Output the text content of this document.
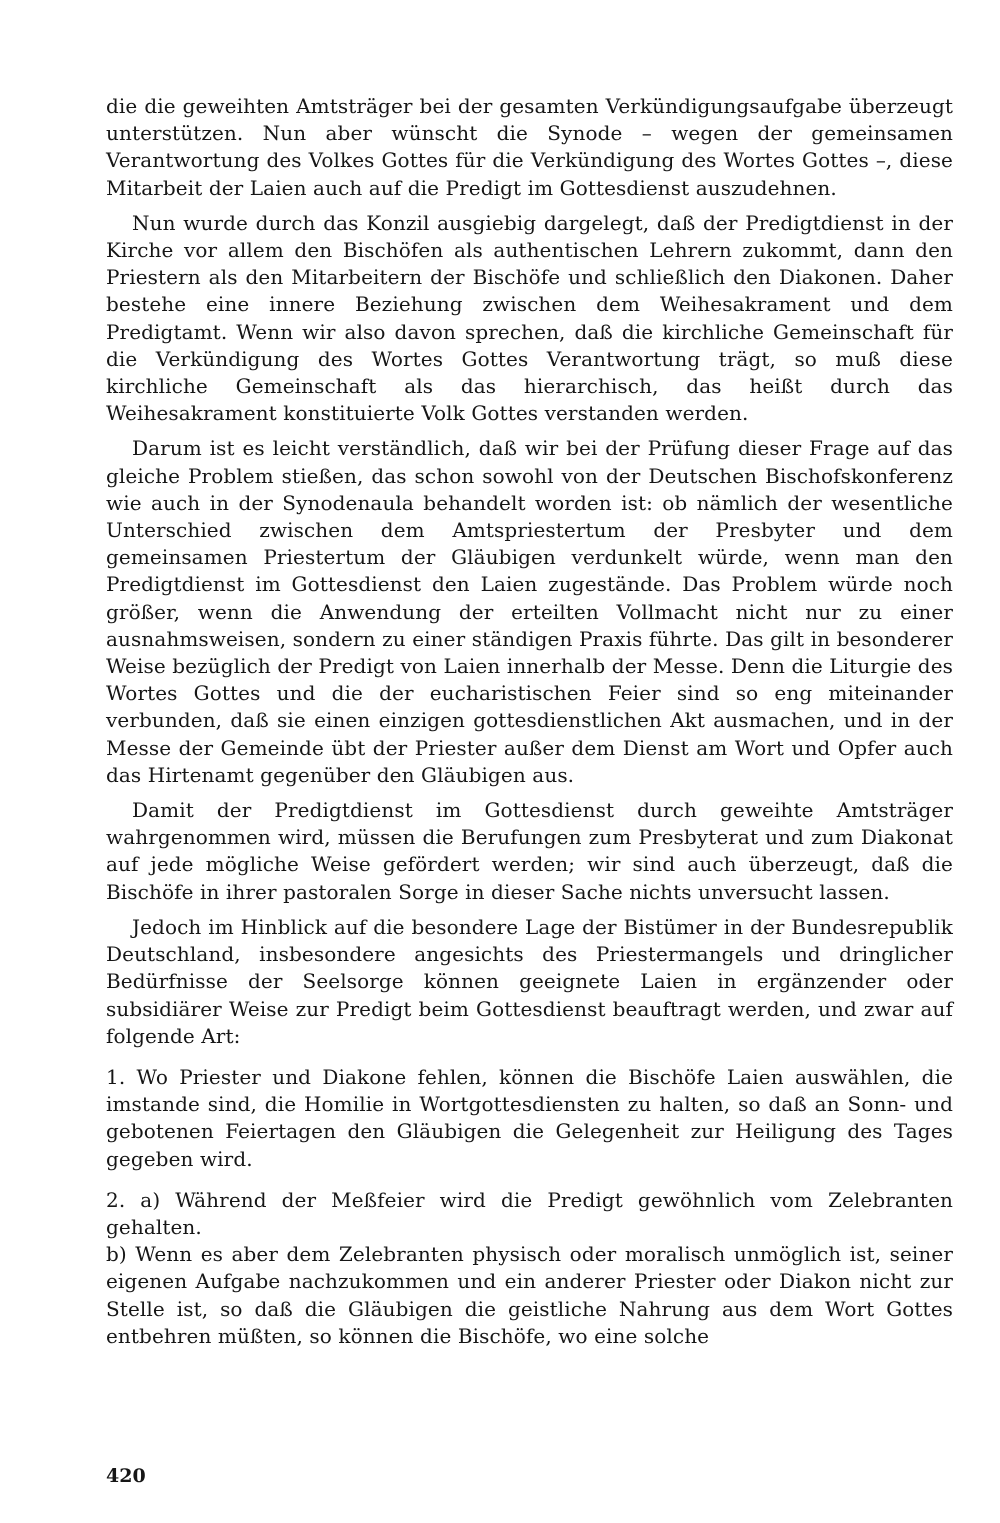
die die geweihten Amtsträger bei der gesamten Verkündigungsaufgabe überzeugt unterstützen. Nun aber wünscht die Synode – wegen der gemeinsamen Verantwortung des Volkes Gottes für die Verkündigung des Wortes Gottes –, diese Mitarbeit der Laien auch auf die Predigt im Gottesdienst auszudehnen.

Nun wurde durch das Konzil ausgiebig dargelegt, daß der Predigtdienst in der Kirche vor allem den Bischöfen als authentischen Lehrern zukommt, dann den Priestern als den Mitarbeitern der Bischöfe und schließlich den Diakonen. Daher bestehe eine innere Beziehung zwischen dem Weihesakrament und dem Predigtamt. Wenn wir also davon sprechen, daß die kirchliche Gemeinschaft für die Verkündigung des Wortes Gottes Verantwortung trägt, so muß diese kirchliche Gemeinschaft als das hierarchisch, das heißt durch das Weihesakrament konstituierte Volk Gottes verstanden werden.

Darum ist es leicht verständlich, daß wir bei der Prüfung dieser Frage auf das gleiche Problem stießen, das schon sowohl von der Deutschen Bischofskonferenz wie auch in der Synodenaula behandelt worden ist: ob nämlich der wesentliche Unterschied zwischen dem Amtspriestertum der Presbyter und dem gemeinsamen Priestertum der Gläubigen verdunkelt würde, wenn man den Predigtdienst im Gottesdienst den Laien zugestände. Das Problem würde noch größer, wenn die Anwendung der erteilten Vollmacht nicht nur zu einer ausnahmsweisen, sondern zu einer ständigen Praxis führte. Das gilt in besonderer Weise bezüglich der Predigt von Laien innerhalb der Messe. Denn die Liturgie des Wortes Gottes und die der eucharistischen Feier sind so eng miteinander verbunden, daß sie einen einzigen gottesdienstlichen Akt ausmachen, und in der Messe der Gemeinde übt der Priester außer dem Dienst am Wort und Opfer auch das Hirtenamt gegenüber den Gläubigen aus.

Damit der Predigtdienst im Gottesdienst durch geweihte Amtsträger wahrgenommen wird, müssen die Berufungen zum Presbyterat und zum Diakonat auf jede mögliche Weise gefördert werden; wir sind auch überzeugt, daß die Bischöfe in ihrer pastoralen Sorge in dieser Sache nichts unversucht lassen.

Jedoch im Hinblick auf die besondere Lage der Bistümer in der Bundesrepublik Deutschland, insbesondere angesichts des Priestermangels und dringlicher Bedürfnisse der Seelsorge können geeignete Laien in ergänzender oder subsidiärer Weise zur Predigt beim Gottesdienst beauftragt werden, und zwar auf folgende Art:

1. Wo Priester und Diakone fehlen, können die Bischöfe Laien auswählen, die imstande sind, die Homilie in Wortgottesdiensten zu halten, so daß an Sonn- und gebotenen Feiertagen den Gläubigen die Gelegenheit zur Heiligung des Tages gegeben wird.

2. a) Während der Meßfeier wird die Predigt gewöhnlich vom Zelebranten gehalten.

b) Wenn es aber dem Zelebranten physisch oder moralisch unmöglich ist, seiner eigenen Aufgabe nachzukommen und ein anderer Priester oder Diakon nicht zur Stelle ist, so daß die Gläubigen die geistliche Nahrung aus dem Wort Gottes entbehren müßten, so können die Bischöfe, wo eine solche

420
